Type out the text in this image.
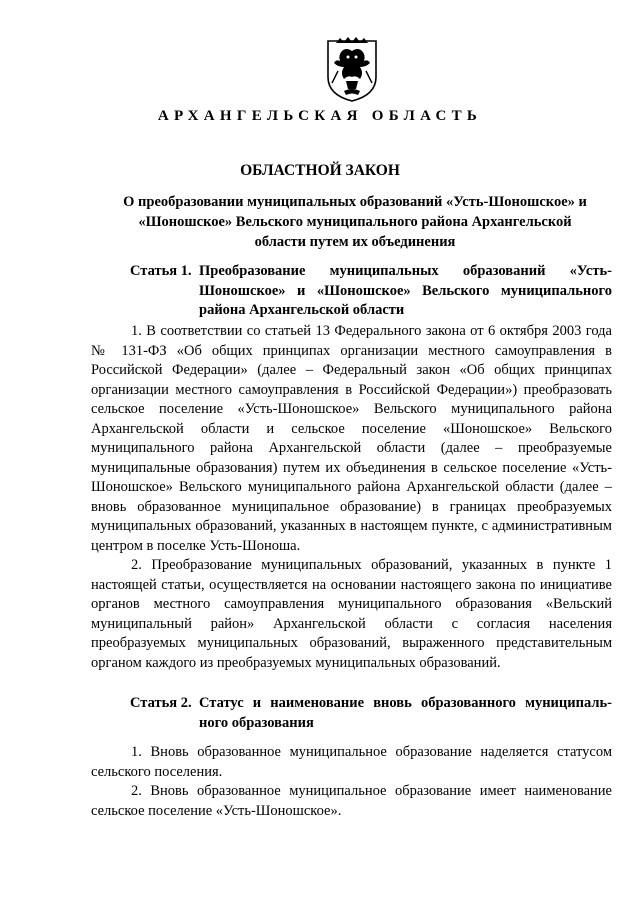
АРХАНГЕЛЬСКАЯ ОБЛАСТЬ
ОБЛАСТНОЙ ЗАКОН
О преобразовании муниципальных образований «Усть-Шоношское» и «Шоношское» Вельского муниципального района Архангельской области путем их объединения
Статья 1. Преобразование муниципальных образований «Усть-Шоношское» и «Шоношское» Вельского муниципального района Архангельской области

1. В соответствии со статьей 13 Федерального закона от 6 октября 2003 года № 131-ФЗ «Об общих принципах организации местного самоуправления в Российской Федерации» (далее – Федеральный закон «Об общих принципах организации местного самоуправления в Российской Федерации») преобразовать сельское поселение «Усть-Шоношское» Вельского муниципального района Архангельской области и сельское поселение «Шоношское» Вельского муниципального района Архангельской области (далее – преобразуемые муниципальные образования) путем их объединения в сельское поселение «Усть-Шоношское» Вельского муниципального района Архангельской области (далее – вновь образованное муниципальное образование) в границах преобразуемых муниципальных образований, указанных в настоящем пункте, с административным центром в поселке Усть-Шоноша.

2. Преобразование муниципальных образований, указанных в пункте 1 настоящей статьи, осуществляется на основании настоящего закона по инициативе органов местного самоуправления муниципального образования «Вельский муниципальный район» Архангельской области с согласия населения преобразуемых муниципальных образований, выраженного представительным органом каждого из преобразуемых муниципальных образований.

Статья 2. Статус и наименование вновь образованного муниципаль-ного образования

1. Вновь образованное муниципальное образование наделяется статусом сельского поселения.

2. Вновь образованное муниципальное образование имеет наименование сельское поселение «Усть-Шоношское».
